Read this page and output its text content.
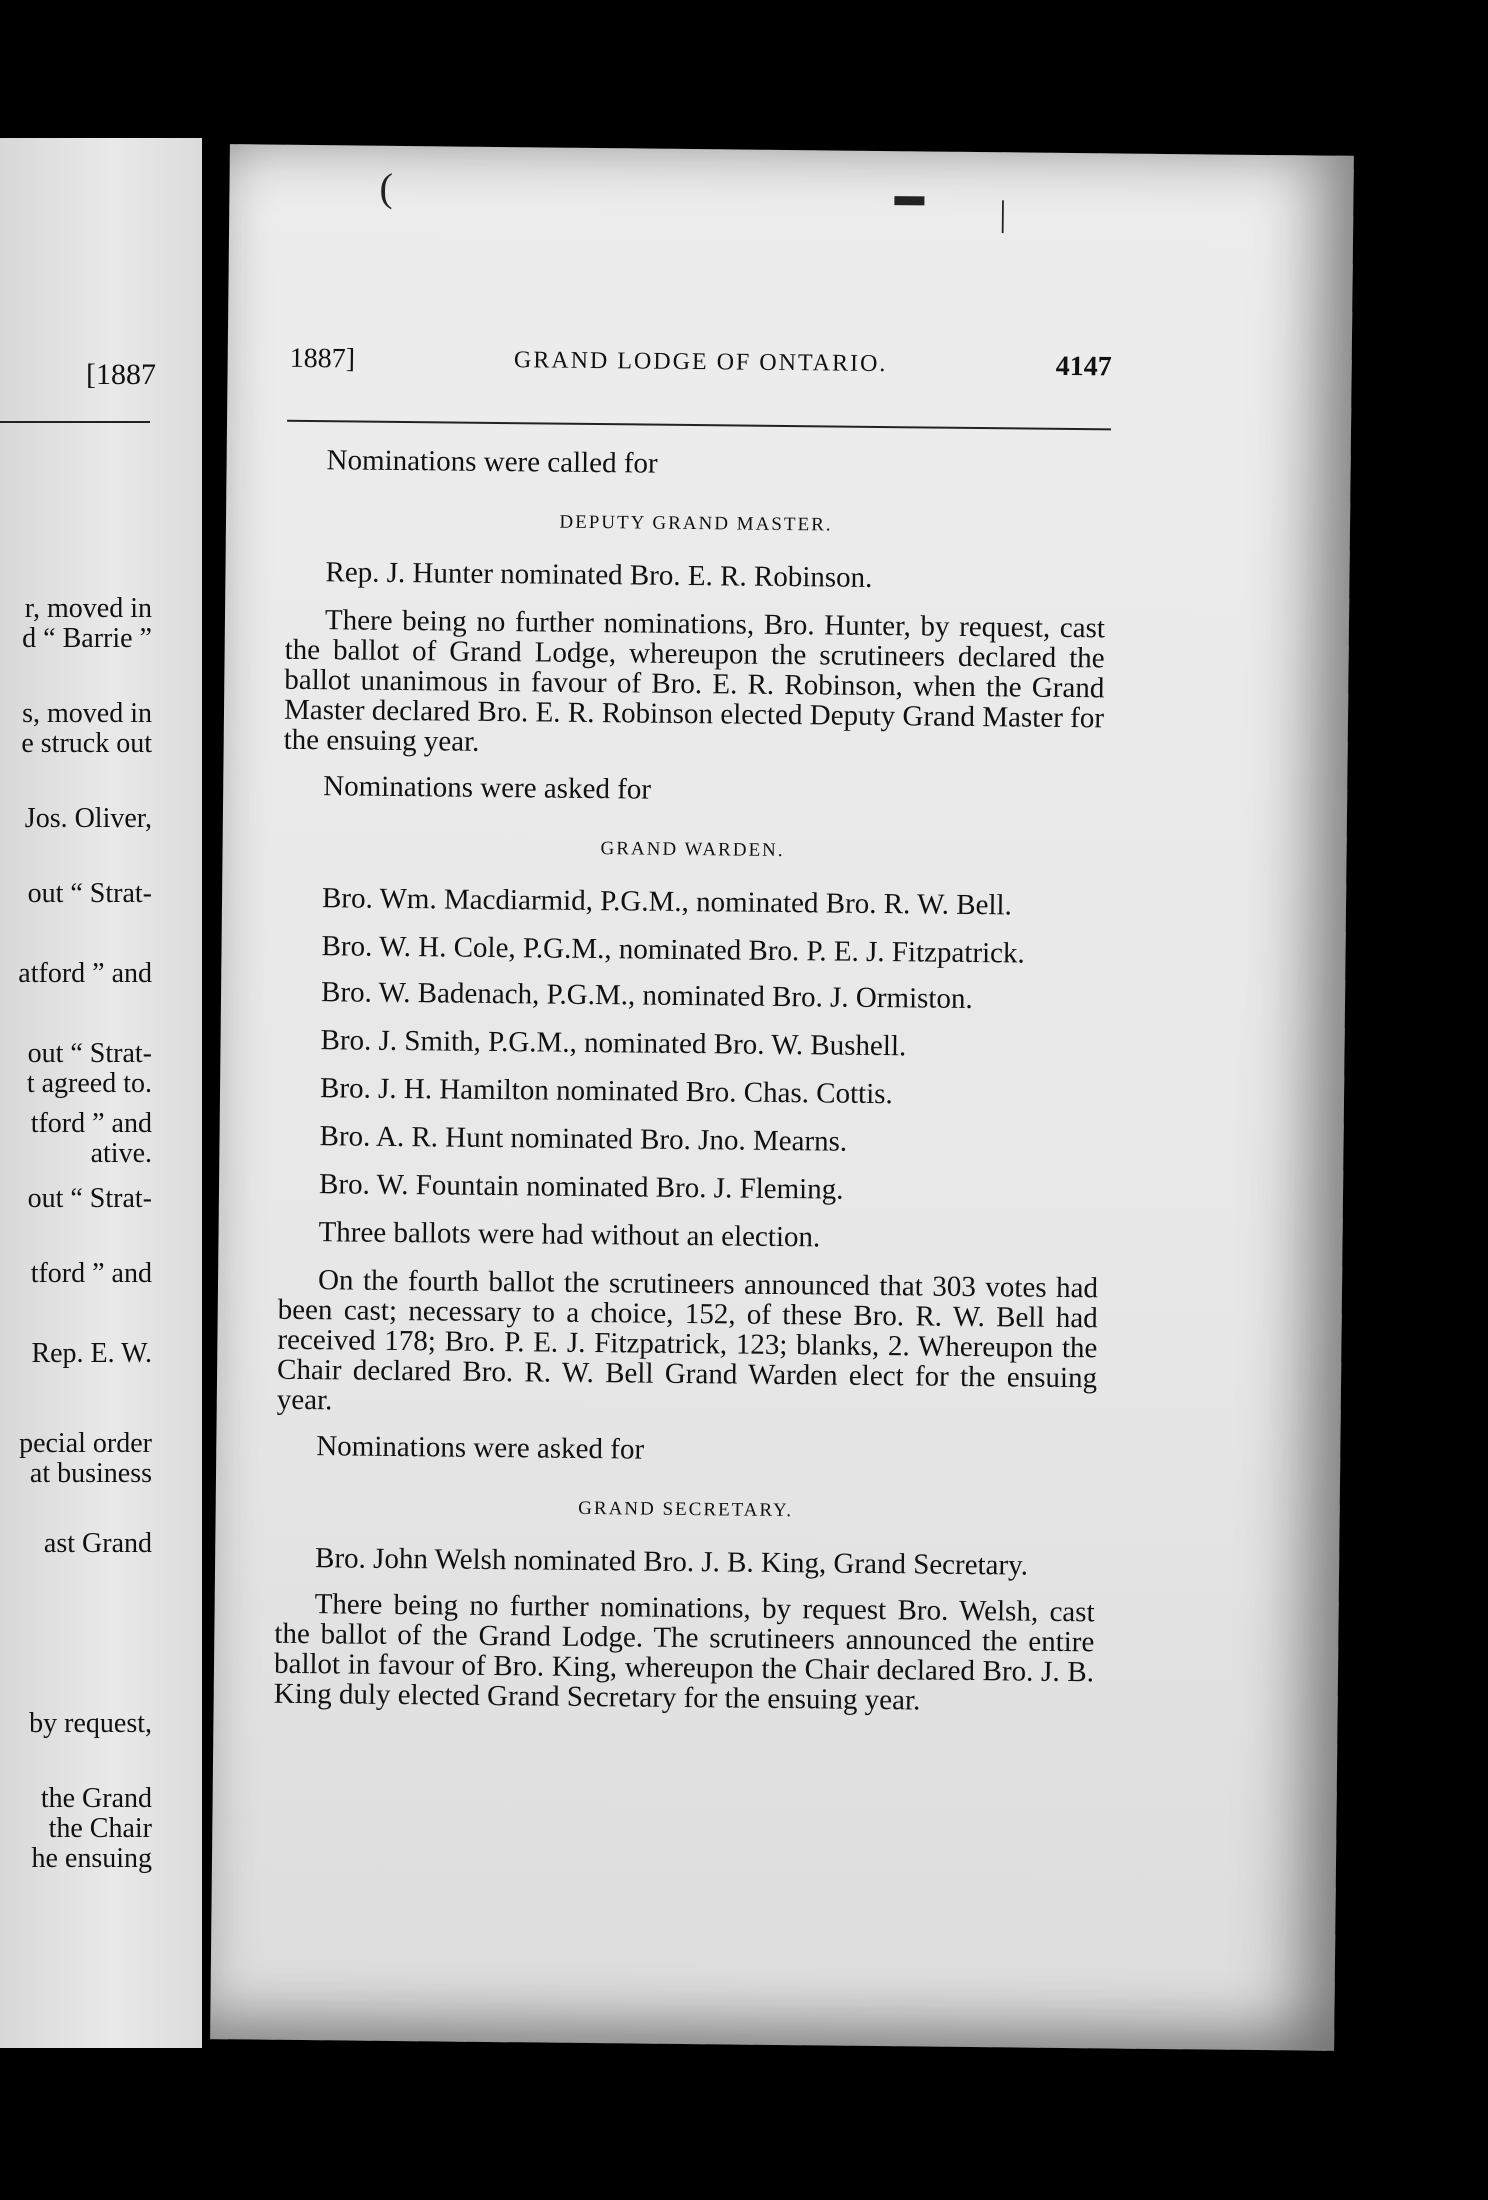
[1887
r, moved in
d “ Barrie ”
s, moved in
e struck out
Jos. Oliver,
out “ Strat-
atford ” and
out “ Strat-
t agreed to.
tford ” and
ative.
out “ Strat-
tford ” and
Rep. E. W.
pecial order
at business
ast Grand
by request,
the Grand
the Chair
he ensuing
(	▬ |
1887]	GRAND LODGE OF ONTARIO.	4147

Nominations were called for

DEPUTY GRAND MASTER.

Rep. J. Hunter nominated Bro. E. R. Robinson.

There being no further nominations, Bro. Hunter, by request, cast the ballot of Grand Lodge, whereupon the scrutineers declared the ballot unanimous in favour of Bro. E. R. Robinson, when the Grand Master declared Bro. E. R. Robinson elected Deputy Grand Master for the ensuing year.

Nominations were asked for

GRAND WARDEN.

Bro. Wm. Macdiarmid, P.G.M., nominated Bro. R. W. Bell.

Bro. W. H. Cole, P.G.M., nominated Bro. P. E. J. Fitzpatrick.

Bro. W. Badenach, P.G.M., nominated Bro. J. Ormiston.

Bro. J. Smith, P.G.M., nominated Bro. W. Bushell.

Bro. J. H. Hamilton nominated Bro. Chas. Cottis.

Bro. A. R. Hunt nominated Bro. Jno. Mearns.

Bro. W. Fountain nominated Bro. J. Fleming.

Three ballots were had without an election.

On the fourth ballot the scrutineers announced that 303 votes had been cast; necessary to a choice, 152, of these Bro. R. W. Bell had received 178; Bro. P. E. J. Fitzpatrick, 123; blanks, 2. Whereupon the Chair declared Bro. R. W. Bell Grand Warden elect for the ensuing year.

Nominations were asked for

GRAND SECRETARY.

Bro. John Welsh nominated Bro. J. B. King, Grand Secretary.

There being no further nominations, by request Bro. Welsh, cast the ballot of the Grand Lodge. The scrutineers announced the entire ballot in favour of Bro. King, whereupon the Chair declared Bro. J. B. King duly elected Grand Secretary for the ensuing year.
